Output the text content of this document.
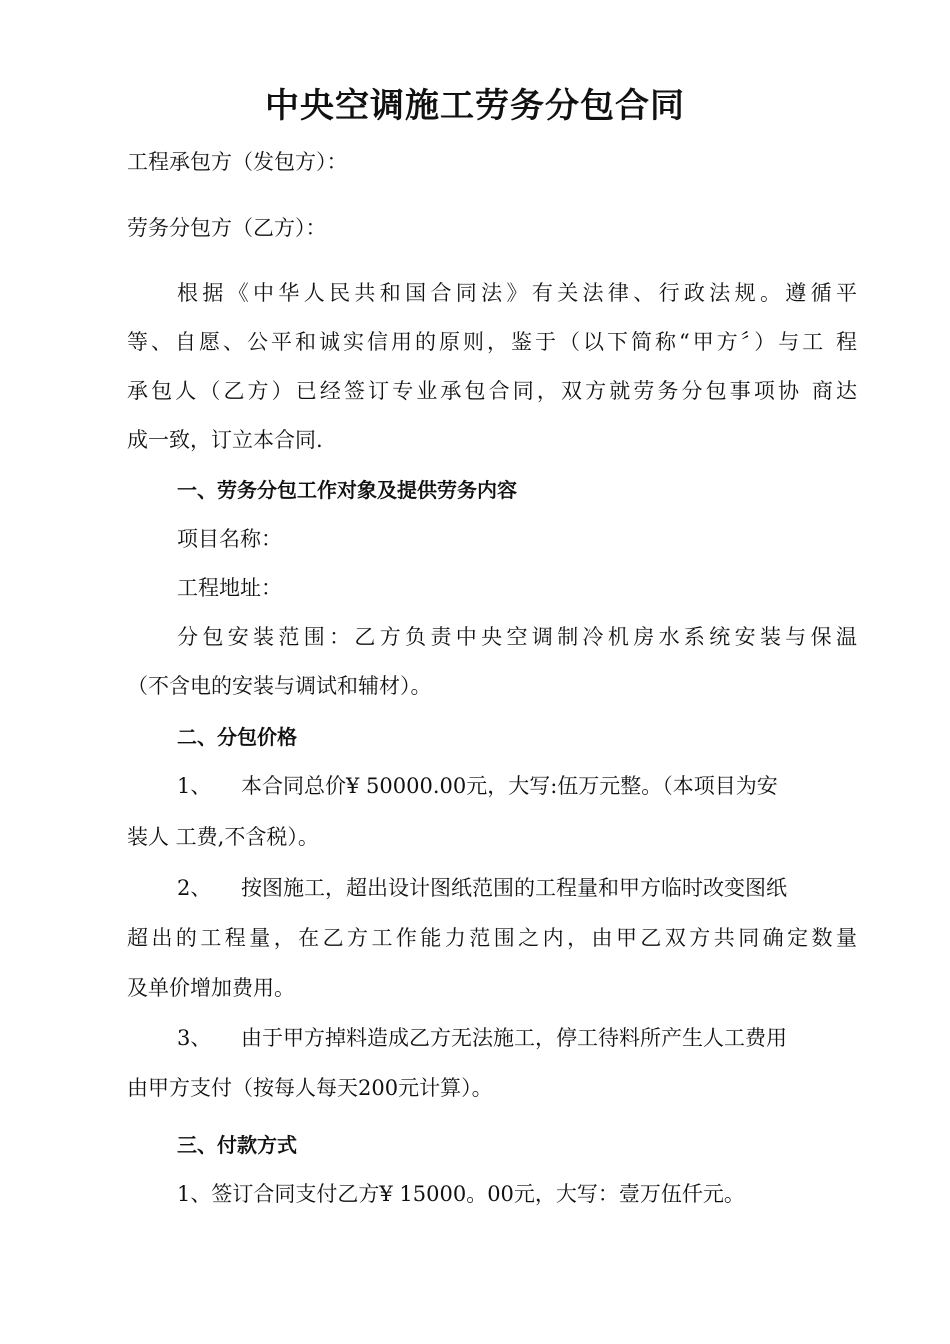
中央空调施工劳务分包合同

工程承包方（发包方）：

劳务分包方（乙方）：

根据《中华人民共和国合同法》有关法律、行政法规。遵循平

等、自愿、公平和诚实信用的原则，鉴于（以下简称“甲方〞）与工 程

承包人（乙方）已经签订专业承包合同，双方就劳务分包事项协 商达

成一致，订立本合同.

一、劳务分包工作对象及提供劳务内容

项目名称：

工程地址：

分包安装范围：乙方负责中央空调制冷机房水系统安装与保温

（不含电的安装与调试和辅材）。

二、分包价格

1、 本合同总价¥ 50000.00元，大写:伍万元整。（本项目为安

装人 工费,不含税）。

2、 按图施工，超出设计图纸范围的工程量和甲方临时改变图纸

超出的工程量，在乙方工作能力范围之内，由甲乙双方共同确定数量

及单价增加费用。

3、 由于甲方掉料造成乙方无法施工，停工待料所产生人工费用

由甲方支付（按每人每天200元计算）。

三、付款方式

1、签订合同支付乙方¥ 15000。00元，大写：壹万伍仟元。
